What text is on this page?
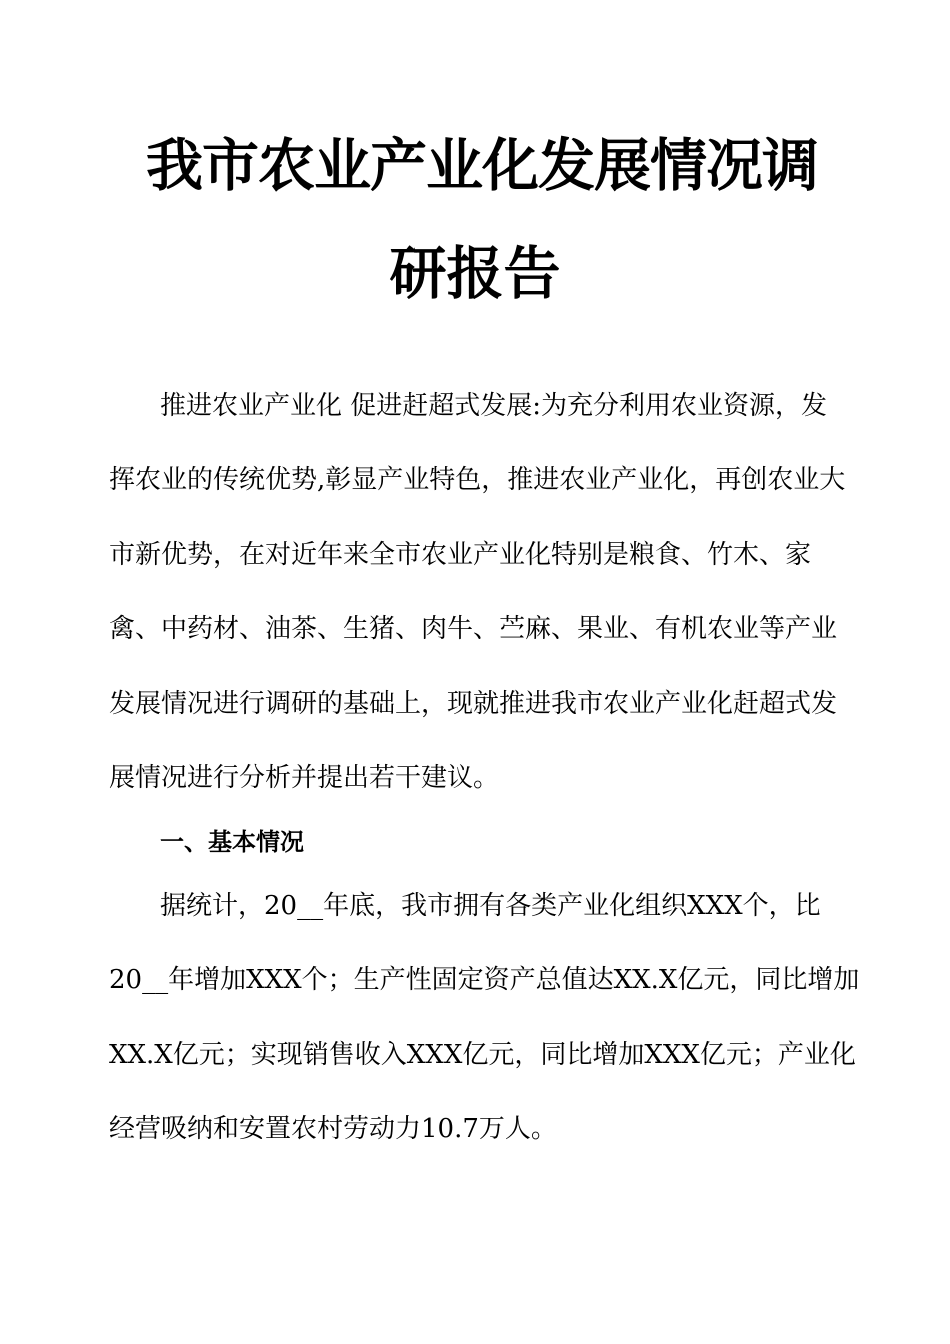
我市农业产业化发展情况调
研报告
推进农业产业化 促进赶超式发展:为充分利用农业资源，发
挥农业的传统优势,彰显产业特色，推进农业产业化，再创农业大
市新优势，在对近年来全市农业产业化特别是粮食、竹木、家
禽、中药材、油茶、生猪、肉牛、苎麻、果业、有机农业等产业
发展情况进行调研的基础上，现就推进我市农业产业化赶超式发
展情况进行分析并提出若干建议。
一、基本情况
据统计，20__年底，我市拥有各类产业化组织XXX个，比
20__年增加XXX个；生产性固定资产总值达XX.X亿元，同比增加
XX.X亿元；实现销售收入XXX亿元，同比增加XXX亿元；产业化
经营吸纳和安置农村劳动力10.7万人。
